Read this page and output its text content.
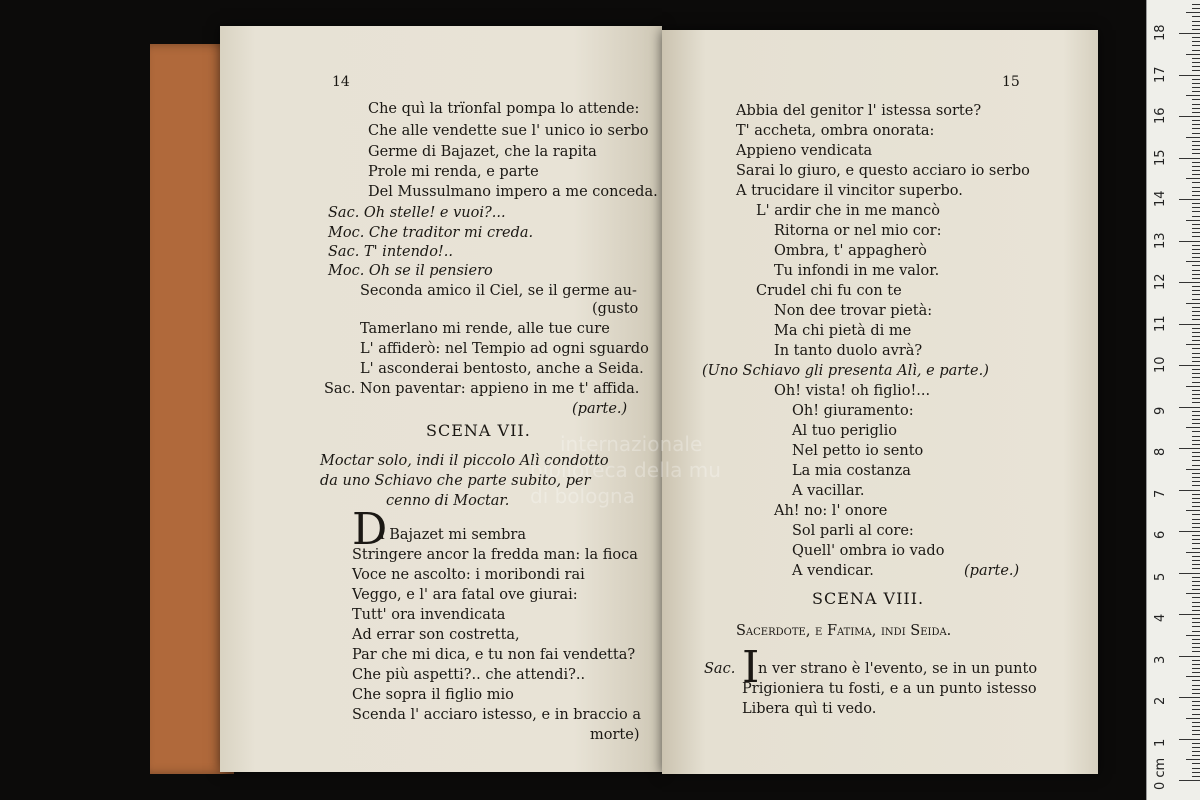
14
Che quì la trïonfal pompa lo attende:
Che alle vendette sue l' unico io serbo
Germe di Bajazet, che la rapita
Prole mi renda, e parte
Del Mussulmano impero a me conceda.
Sac. Oh stelle! e vuoi?...
Moc. Che traditor mi creda.
Sac. T' intendo!..
Moc. Oh se il pensiero
Seconda amico il Ciel, se il germe au-
(gusto
Tamerlano mi rende, alle tue cure
L' affiderò: nel Tempio ad ogni sguardo
L' asconderai bentosto, anche a Seida.
Sac. Non paventar: appieno in me t' affida.
(parte.)
SCENA VII.
Moctar solo, indi il piccolo Alì condotto
da uno Schiavo che parte subito, per
cenno di Moctar.
D
i Bajazet mi sembra
Stringere ancor la fredda man: la fioca
Voce ne ascolto: i moribondi rai
Veggo, e l' ara fatal ove giurai:
Tutt' ora invendicata
Ad errar son costretta,
Par che mi dica, e tu non fai vendetta?
Che più aspetti?.. che attendi?..
Che sopra il figlio mio
Scenda l' acciaro istesso, e in braccio a
morte)
15
Abbia del genitor l' istessa sorte?
T' accheta, ombra onorata:
Appieno vendicata
Sarai lo giuro, e questo acciaro io serbo
A trucidare il vincitor superbo.
L' ardir che in me mancò
Ritorna or nel mio cor:
Ombra, t' appagherò
Tu infondi in me valor.
Crudel chi fu con te
Non dee trovar pietà:
Ma chi pietà di me
In tanto duolo avrà?
(Uno Schiavo gli presenta Alì, e parte.)
Oh! vista! oh figlio!...
Oh! giuramento:
Al tuo periglio
Nel petto io sento
La mia costanza
A vacillar.
Ah! no: l' onore
Sol parli al core:
Quell' ombra io vado
A vendicar.	(parte.)
SCENA VIII.
Sacerdote, e Fatima, indi Seida.
Sac. I
n ver strano è l'evento, se in un punto
Prigioniera tu fosti, e a un punto istesso
Libera quì ti vedo.
internazionale
biblioteca della mu
di bologna
0 cm
1
2
3
4
5
6
7
8
9
10
11
12
13
14
15
16
17
18
